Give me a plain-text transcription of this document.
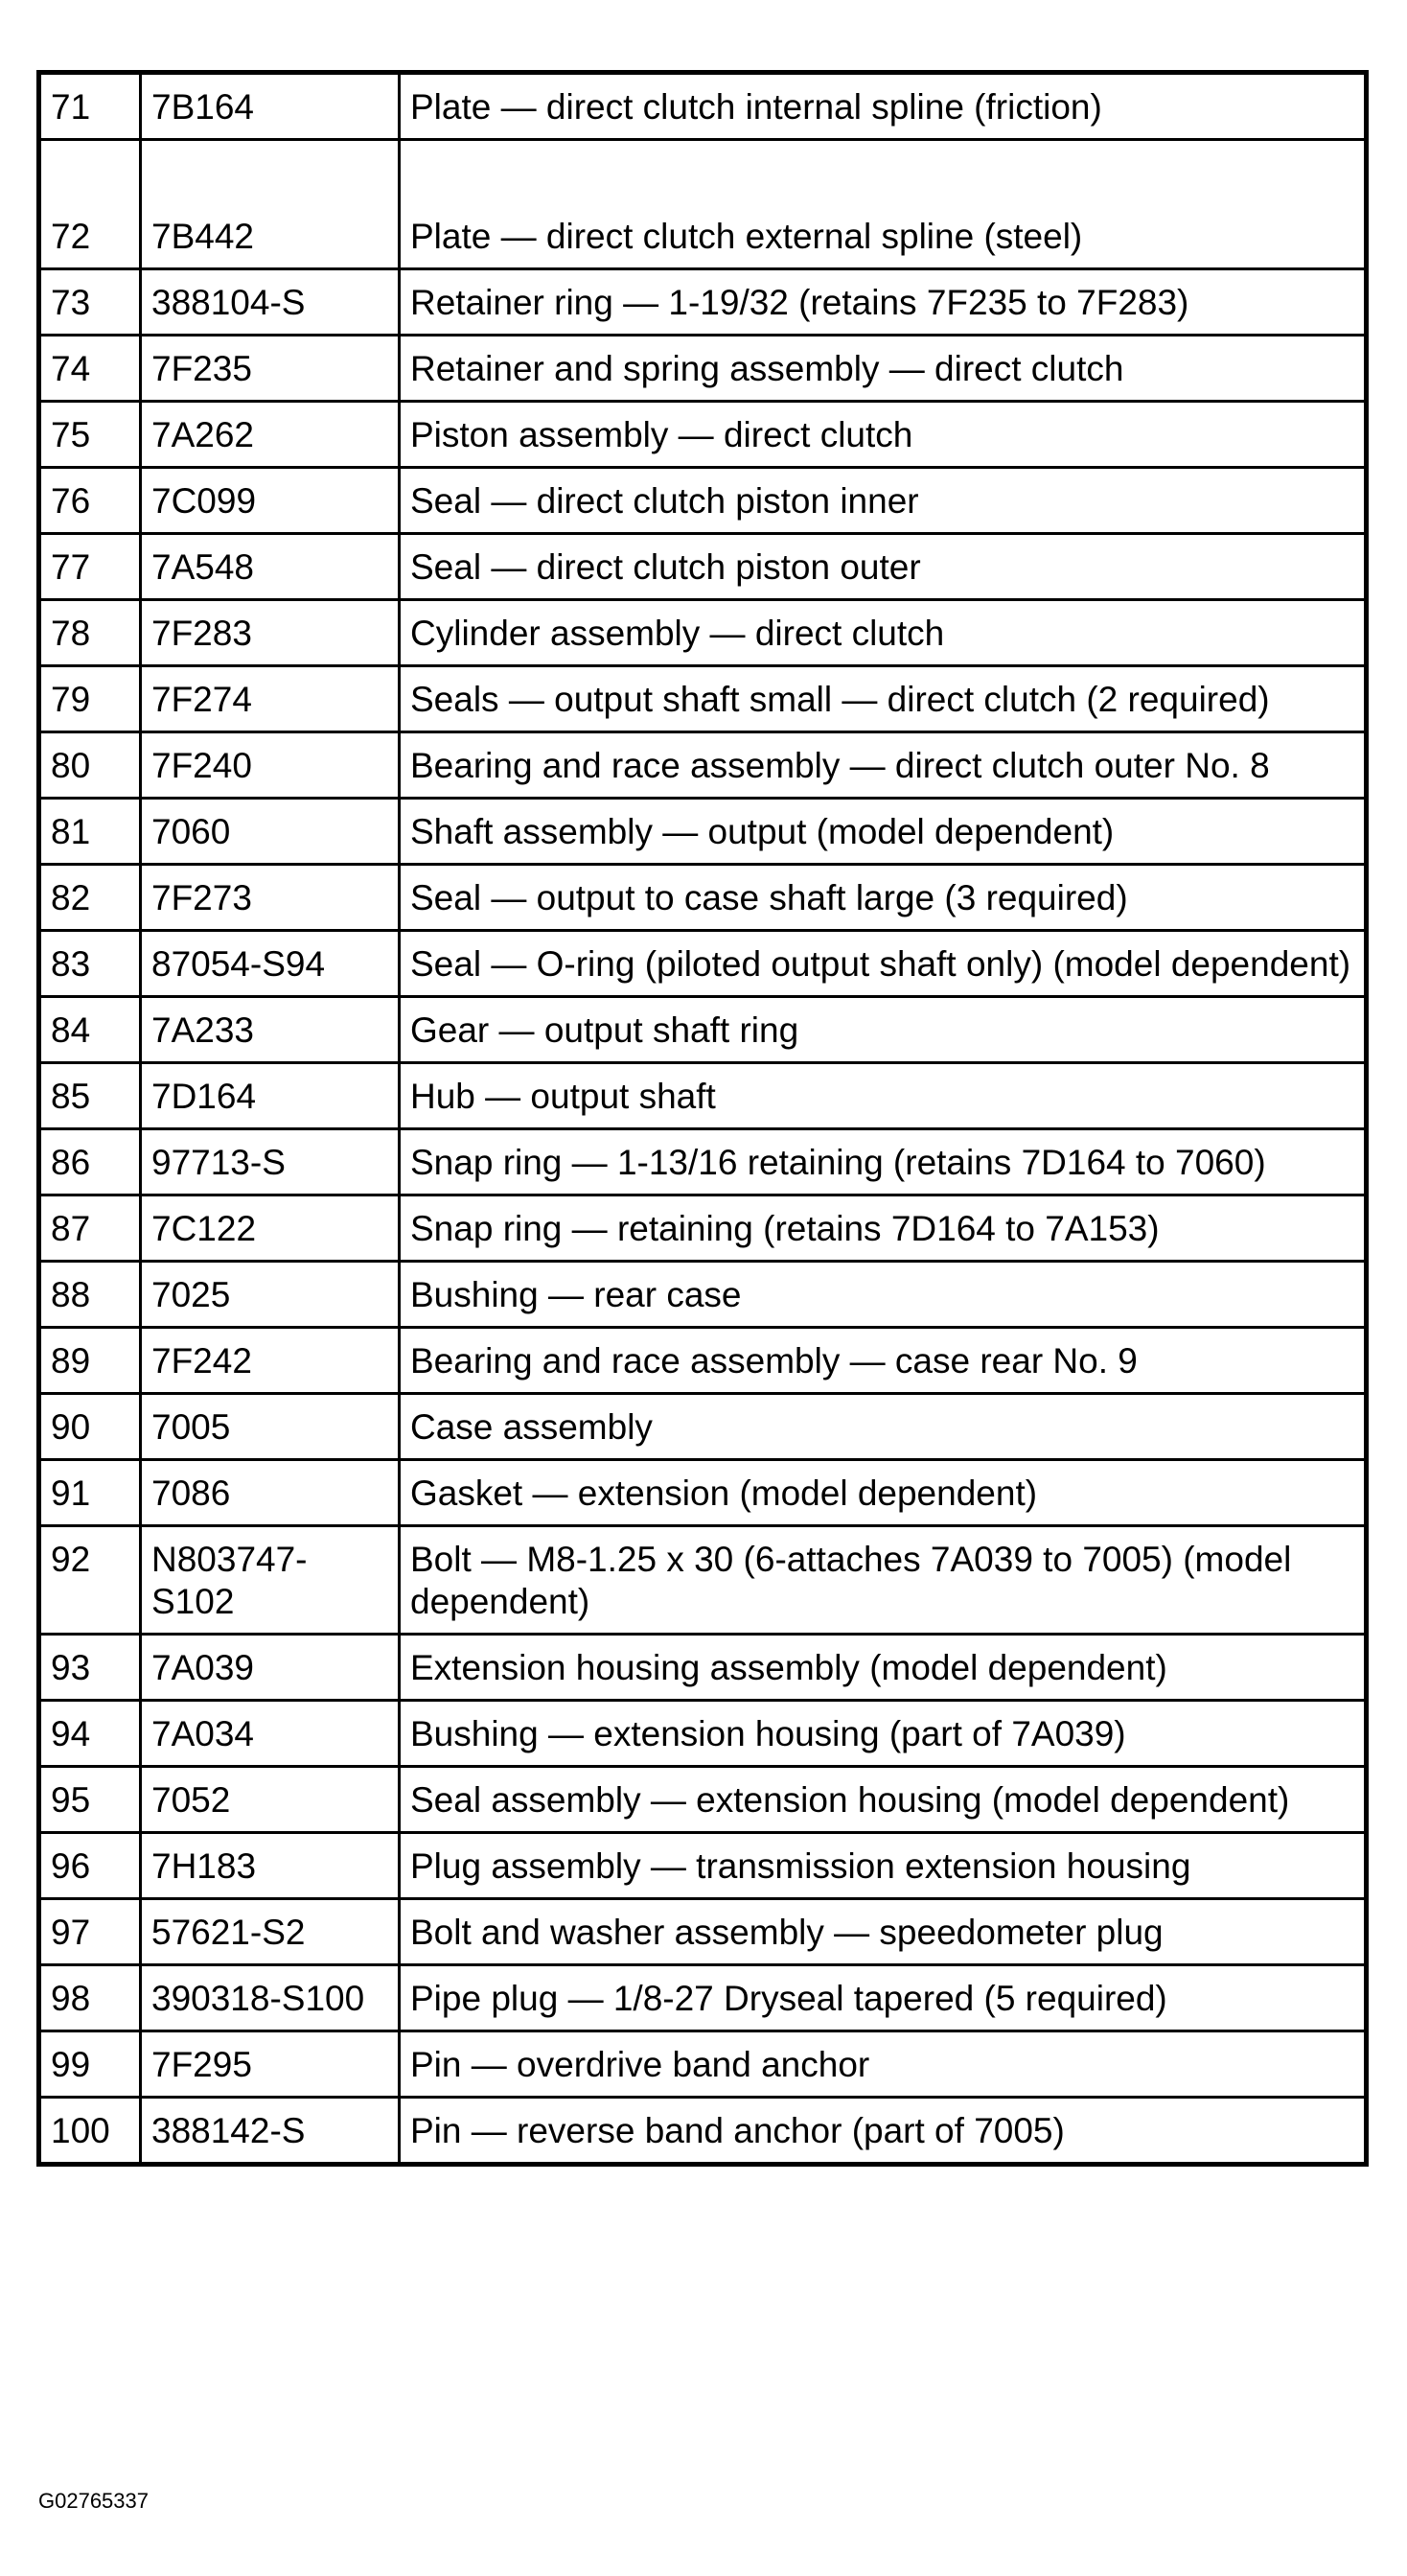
71	7B164	Plate — direct clutch internal spline (friction)
72	7B442	Plate — direct clutch external spline (steel)
73	388104-S	Retainer ring — 1-19/32 (retains 7F235 to 7F283)
74	7F235	Retainer and spring assembly — direct clutch
75	7A262	Piston assembly — direct clutch
76	7C099	Seal — direct clutch piston inner
77	7A548	Seal — direct clutch piston outer
78	7F283	Cylinder assembly — direct clutch
79	7F274	Seals — output shaft small — direct clutch (2 required)
80	7F240	Bearing and race assembly — direct clutch outer No. 8
81	7060	Shaft assembly — output (model dependent)
82	7F273	Seal — output to case shaft large (3 required)
83	87054-S94	Seal — O-ring (piloted output shaft only) (model dependent)
84	7A233	Gear — output shaft ring
85	7D164	Hub — output shaft
86	97713-S	Snap ring — 1-13/16 retaining (retains 7D164 to 7060)
87	7C122	Snap ring — retaining (retains 7D164 to 7A153)
88	7025	Bushing — rear case
89	7F242	Bearing and race assembly — case rear No. 9
90	7005	Case assembly
91	7086	Gasket — extension (model dependent)
92	N803747-S102	Bolt — M8-1.25 x 30 (6-attaches 7A039 to 7005) (model dependent)
93	7A039	Extension housing assembly (model dependent)
94	7A034	Bushing — extension housing (part of 7A039)
95	7052	Seal assembly — extension housing (model dependent)
96	7H183	Plug assembly — transmission extension housing
97	57621-S2	Bolt and washer assembly — speedometer plug
98	390318-S100	Pipe plug — 1/8-27 Dryseal tapered (5 required)
99	7F295	Pin — overdrive band anchor
100	388142-S	Pin — reverse band anchor (part of 7005)
G02765337
